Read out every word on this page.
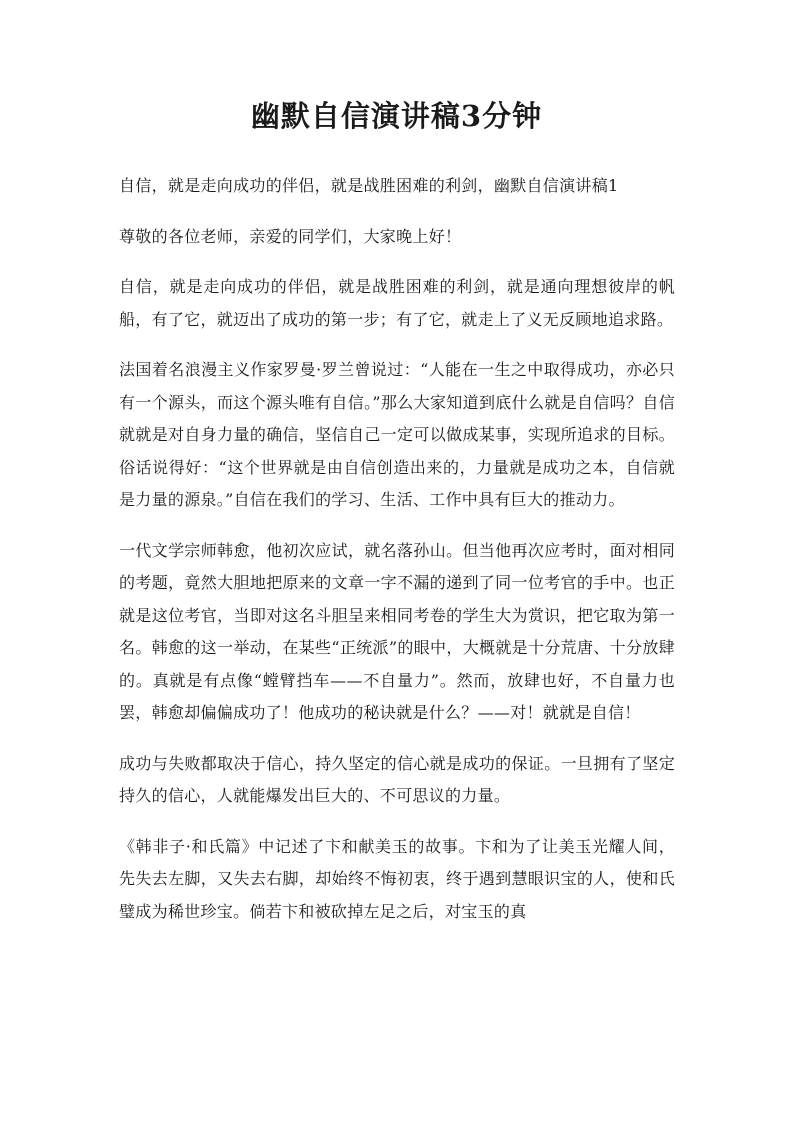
幽默自信演讲稿3分钟

自信，就是走向成功的伴侣，就是战胜困难的利剑，幽默自信演讲稿1

尊敬的各位老师，亲爱的同学们，大家晚上好！

自信，就是走向成功的伴侣，就是战胜困难的利剑，就是通向理想彼岸的帆船，有了它，就迈出了成功的第一步；有了它，就走上了义无反顾地追求路。

法国着名浪漫主义作家罗曼·罗兰曾说过：“人能在一生之中取得成功，亦必只有一个源头，而这个源头唯有自信。”那么大家知道到底什么就是自信吗？自信就就是对自身力量的确信，坚信自己一定可以做成某事，实现所追求的目标。俗话说得好：“这个世界就是由自信创造出来的，力量就是成功之本，自信就是力量的源泉。”自信在我们的学习、生活、工作中具有巨大的推动力。

一代文学宗师韩愈，他初次应试，就名落孙山。但当他再次应考时，面对相同的考题，竟然大胆地把原来的文章一字不漏的递到了同一位考官的手中。也正就是这位考官，当即对这名斗胆呈来相同考卷的学生大为赏识，把它取为第一名。韩愈的这一举动，在某些“正统派”的眼中，大概就是十分荒唐、十分放肆的。真就是有点像“螳臂挡车——不自量力”。然而，放肆也好，不自量力也罢，韩愈却偏偏成功了！他成功的秘诀就是什么？——对！就就是自信！

成功与失败都取决于信心，持久坚定的信心就是成功的保证。一旦拥有了坚定持久的信心，人就能爆发出巨大的、不可思议的力量。

《韩非子·和氏篇》中记述了卞和献美玉的故事。卞和为了让美玉光耀人间，先失去左脚，又失去右脚，却始终不悔初衷，终于遇到慧眼识宝的人，使和氏璧成为稀世珍宝。倘若卞和被砍掉左足之后，对宝玉的真
